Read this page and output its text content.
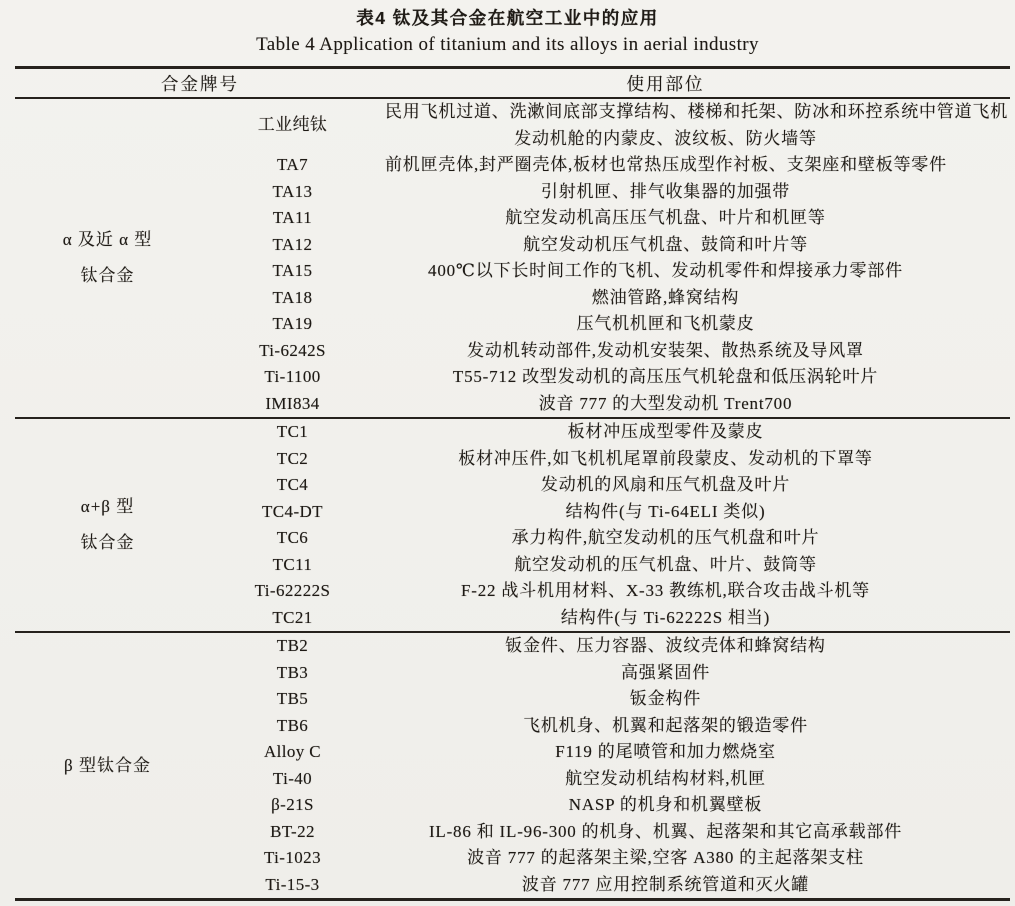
表4 钛及其合金在航空工业中的应用
Table 4 Application of titanium and its alloys in aerial industry
合金牌号		使用部位

α 及近 α 型
钛合金
	工业纯钛	
民用飞机过道、洗漱间底部支撑结构、楼梯和托架、防冰和环控系统中管道飞机
发动机舱的内蒙皮、波纹板、防火墙等

	TA7	前机匣壳体,封严圈壳体,板材也常热压成型作衬板、支架座和壁板等零件

	TA13	引射机匣、排气收集器的加强带

	TA11	航空发动机高压压气机盘、叶片和机匣等

	TA12	航空发动机压气机盘、鼓筒和叶片等

	TA15	400℃以下长时间工作的飞机、发动机零件和焊接承力零部件

	TA18	燃油管路,蜂窝结构

	TA19	压气机机匣和飞机蒙皮

	Ti-6242S	发动机转动部件,发动机安装架、散热系统及导风罩

	Ti-1100	T55-712 改型发动机的高压压气机轮盘和低压涡轮叶片

	IMI834	波音 777 的大型发动机 Trent700

α+β 型
钛合金	TC1	板材冲压成型零件及蒙皮

	TC2	板材冲压件,如飞机机尾罩前段蒙皮、发动机的下罩等

	TC4	发动机的风扇和压气机盘及叶片

	TC4-DT	结构件(与 Ti-64ELI 类似)

	TC6	承力构件,航空发动机的压气机盘和叶片

	TC11	航空发动机的压气机盘、叶片、鼓筒等

	Ti-62222S	F-22 战斗机用材料、X-33 教练机,联合攻击战斗机等

	TC21	结构件(与 Ti-62222S 相当)

β 型钛合金	TB2	钣金件、压力容器、波纹壳体和蜂窝结构

	TB3	高强紧固件

	TB5	钣金构件

	TB6	飞机机身、机翼和起落架的锻造零件

	Alloy C	F119 的尾喷管和加力燃烧室

	Ti-40	航空发动机结构材料,机匣

	β-21S	NASP 的机身和机翼壁板

	BT-22	IL-86 和 IL-96-300 的机身、机翼、起落架和其它高承载部件

	Ti-1023	波音 777 的起落架主梁,空客 A380 的主起落架支柱

	Ti-15-3	波音 777 应用控制系统管道和灭火罐
